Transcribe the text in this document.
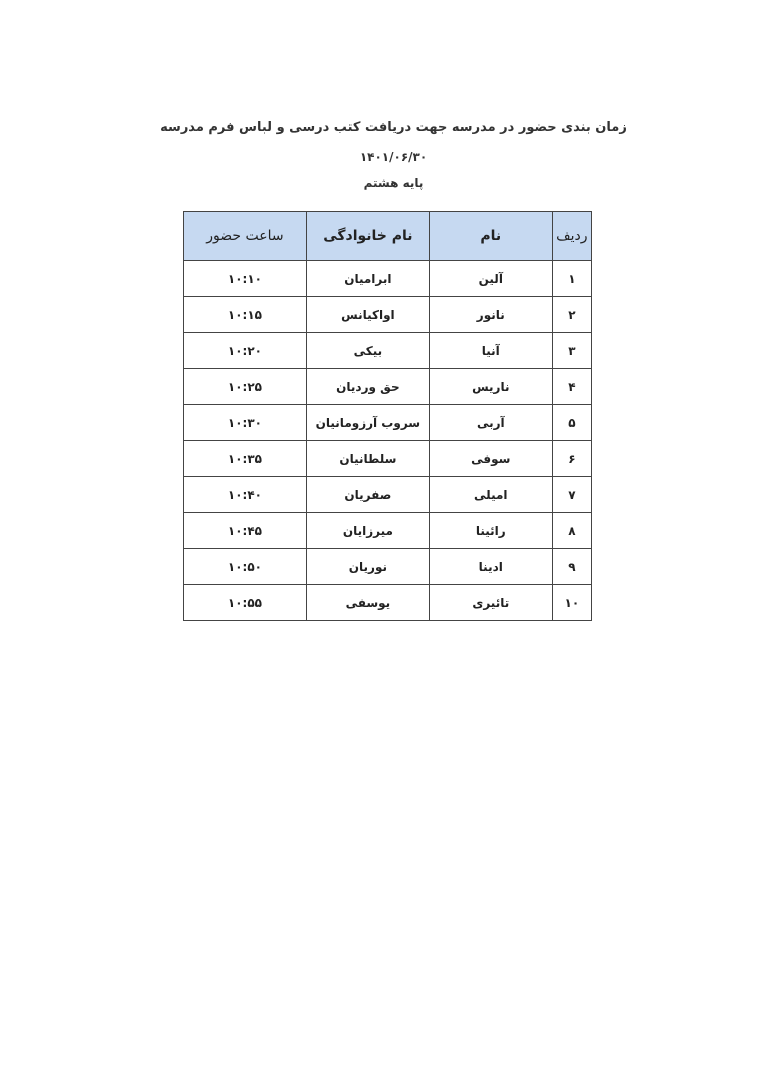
زمان بندی حضور در مدرسه جهت دریافت کتب درسی و لباس فرم مدرسه
۱۴۰۱/۰۶/۳۰
پایه هشتم
ردیف	نام	نام خانوادگی	ساعت حضور
۱	آلین	ابرامیان	۱۰:۱۰
۲	نانور	اواکیانس	۱۰:۱۵
۳	آنیا	بیکی	۱۰:۲۰
۴	ناریس	حق وردیان	۱۰:۲۵
۵	آربی	سروب آرزومانیان	۱۰:۳۰
۶	سوفی	سلطانیان	۱۰:۳۵
۷	امیلی	صفریان	۱۰:۴۰
۸	رائینا	میرزایان	۱۰:۴۵
۹	ادینا	نوریان	۱۰:۵۰
۱۰	تائیری	یوسفی	۱۰:۵۵
